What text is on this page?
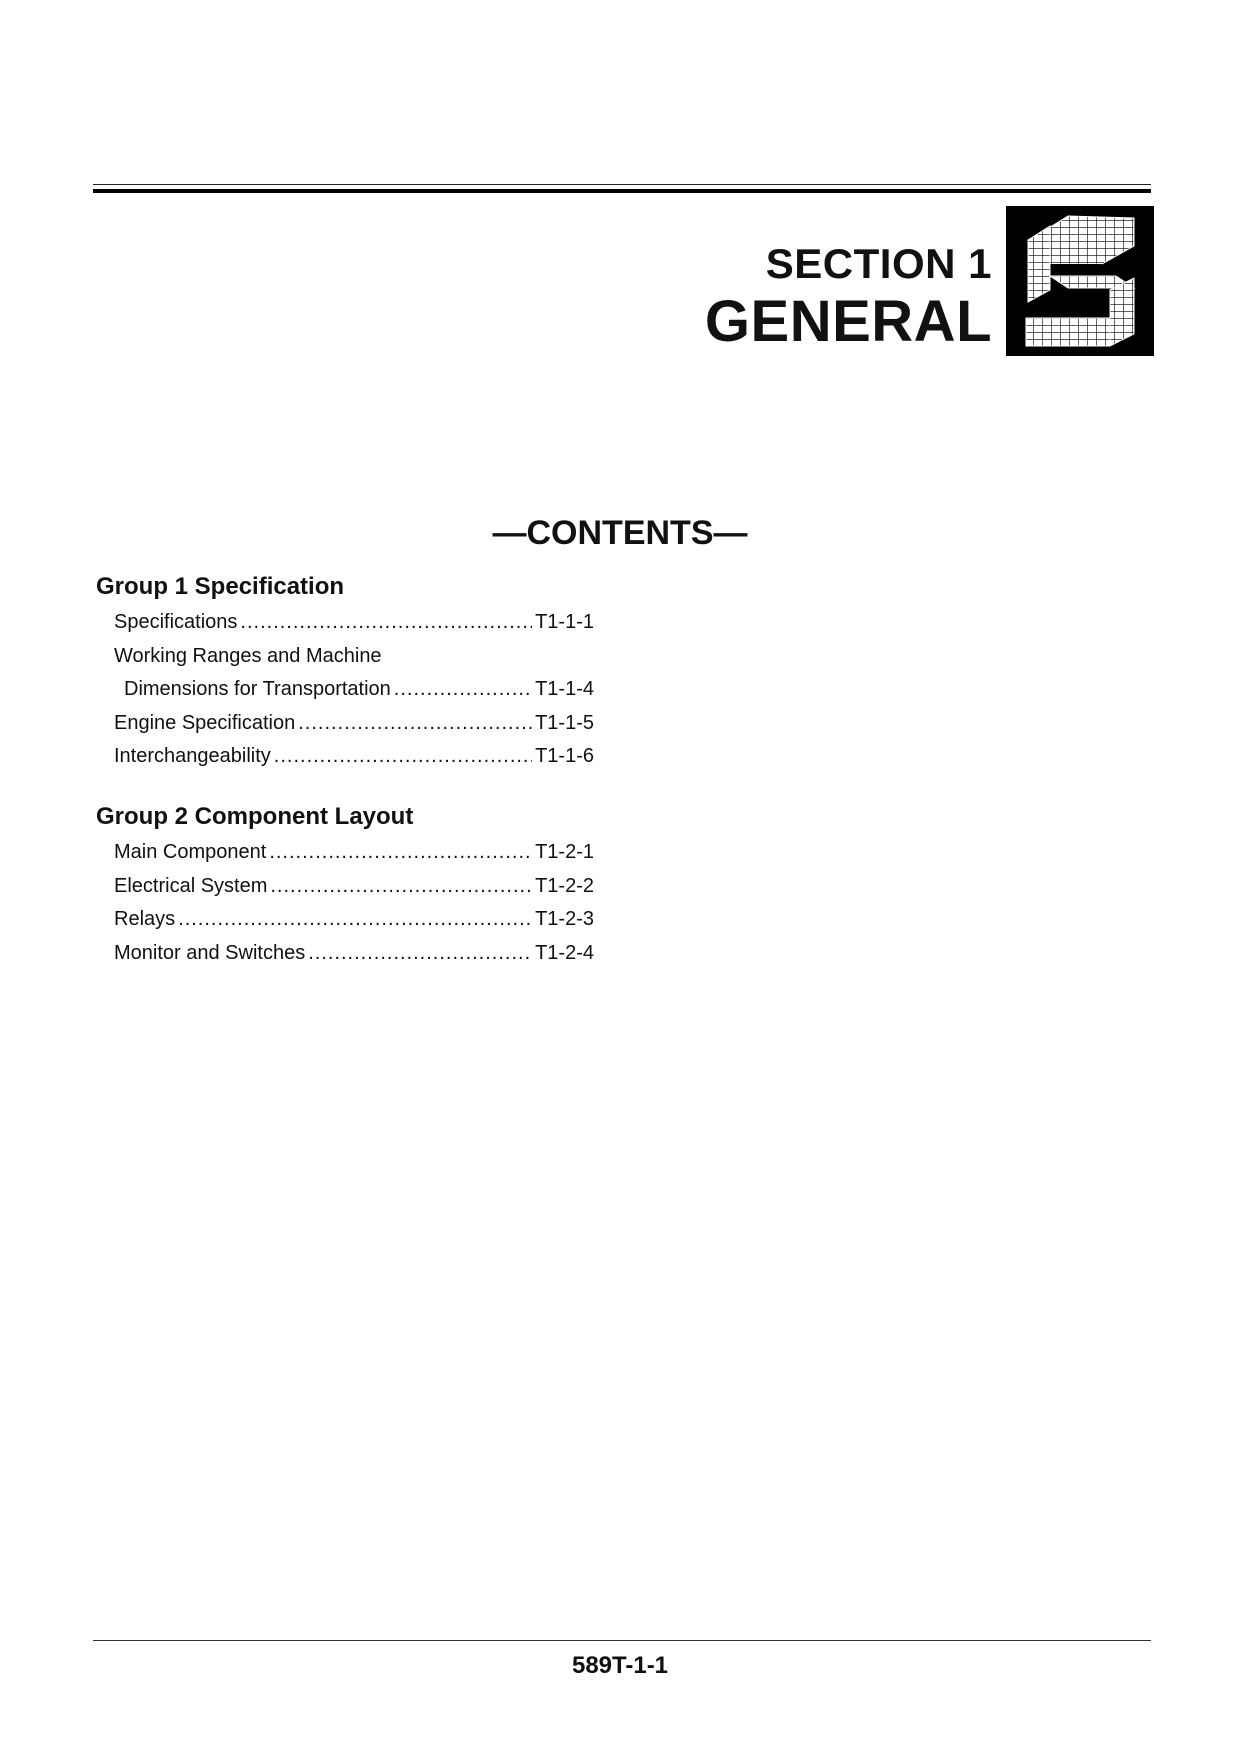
SECTION 1
GENERAL
—CONTENTS—
Group 1 Specification
Specifications .....	T1-1-1
Working Ranges and Machine
Dimensions for Transportation .....	T1-1-4
Engine Specification .....	T1-1-5
Interchangeability .....	T1-1-6
Group 2 Component Layout
Main Component .....	T1-2-1
Electrical System .....	T1-2-2
Relays .....	T1-2-3
Monitor and Switches .....	T1-2-4
589T-1-1
